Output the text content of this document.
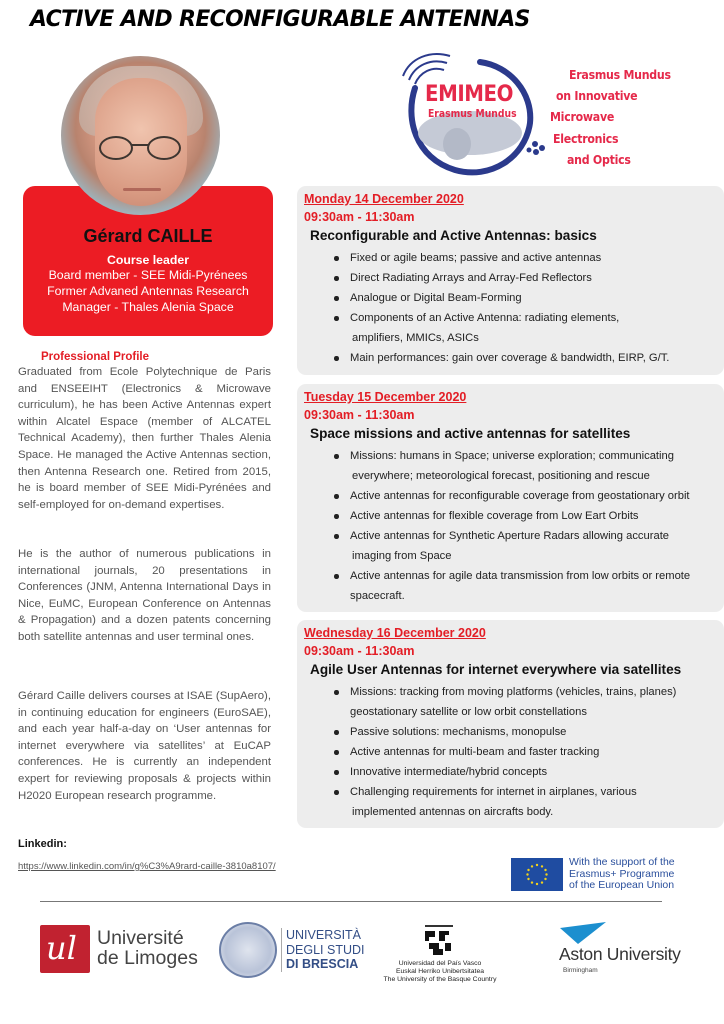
ACTIVE AND RECONFIGURABLE ANTENNAS
Gérard CAILLE
Course leader
Board member - SEE Midi-Pyrénees
Former Advaned Antennas Research
Manager - Thales Alenia Space
Professional Profile

Graduated from Ecole Polytechnique de Paris and ENSEEIHT (Electronics & Microwave curriculum), he has been Active Antennas expert within Alcatel Espace (member of ALCATEL Technical Academy), then further Thales Alenia Space. He managed the Active Antennas section, then Antenna Research one. Retired from 2015, he is board member of SEE Midi-Pyrénées and self-employed for on-demand expertises.

He is the author of numerous publications in international journals, 20 presentations in Conferences (JNM, Antenna International Days in Nice, EuMC, European Conference on Antennas & Propagation) and a dozen patents concerning both satellite antennas and user terminal ones.

Gérard Caille delivers courses at ISAE (SupAero), in continuing education for engineers (EuroSAE), and each year half-a-day on ‘User antennas for internet everywhere via satellites’ at EuCAP conferences. He is currently an independent expert for reviewing proposals & projects within H2020 European research programme.

Linkedin:
https://www.linkedin.com/in/g%C3%A9rard-caille-3810a8107/
EMIMEO
Erasmus Mundus
Erasmus Mundus
on Innovative
Microwave
Electronics
and Optics
Monday 14 December 2020
09:30am - 11:30am
Reconfigurable and Active Antennas: basics
Fixed or agile beams; passive and active antennas
Direct Radiating Arrays and Array-Fed Reflectors
Analogue or Digital Beam-Forming
Components of an Active Antenna: radiating elements,
amplifiers, MMICs, ASICs
Main performances: gain over coverage & bandwidth, EIRP, G/T.
Tuesday 15 December 2020
09:30am - 11:30am
Space missions and active antennas for satellites
Missions: humans in Space; universe exploration; communicating
everywhere; meteorological forecast, positioning and rescue
Active antennas for reconfigurable coverage from geostationary orbit
Active antennas for flexible coverage from Low Eart Orbits
Active antennas for Synthetic Aperture Radars allowing accurate
imaging from Space
Active antennas for agile data transmission from low orbits or remote
spacecraft.
Wednesday 16 December 2020
09:30am - 11:30am
Agile User Antennas for internet everywhere via satellites
Missions: tracking from moving platforms (vehicles, trains, planes)
geostationary satellite or low orbit constellations
Passive solutions: mechanisms, monopulse
Active antennas for multi-beam and faster tracking
Innovative intermediate/hybrid concepts
Challenging requirements for internet in airplanes, various
implemented antennas on aircrafts body.
With the support of the
Erasmus+ Programme
of the European Union
ul Université
de Limoges
UNIVERSITÀ
DEGLI STUDI
DI BRESCIA	Universidad del País Vasco
Euskal Herriko Unibertsitatea
The University of the Basque Country
Aston University
Birmingham
